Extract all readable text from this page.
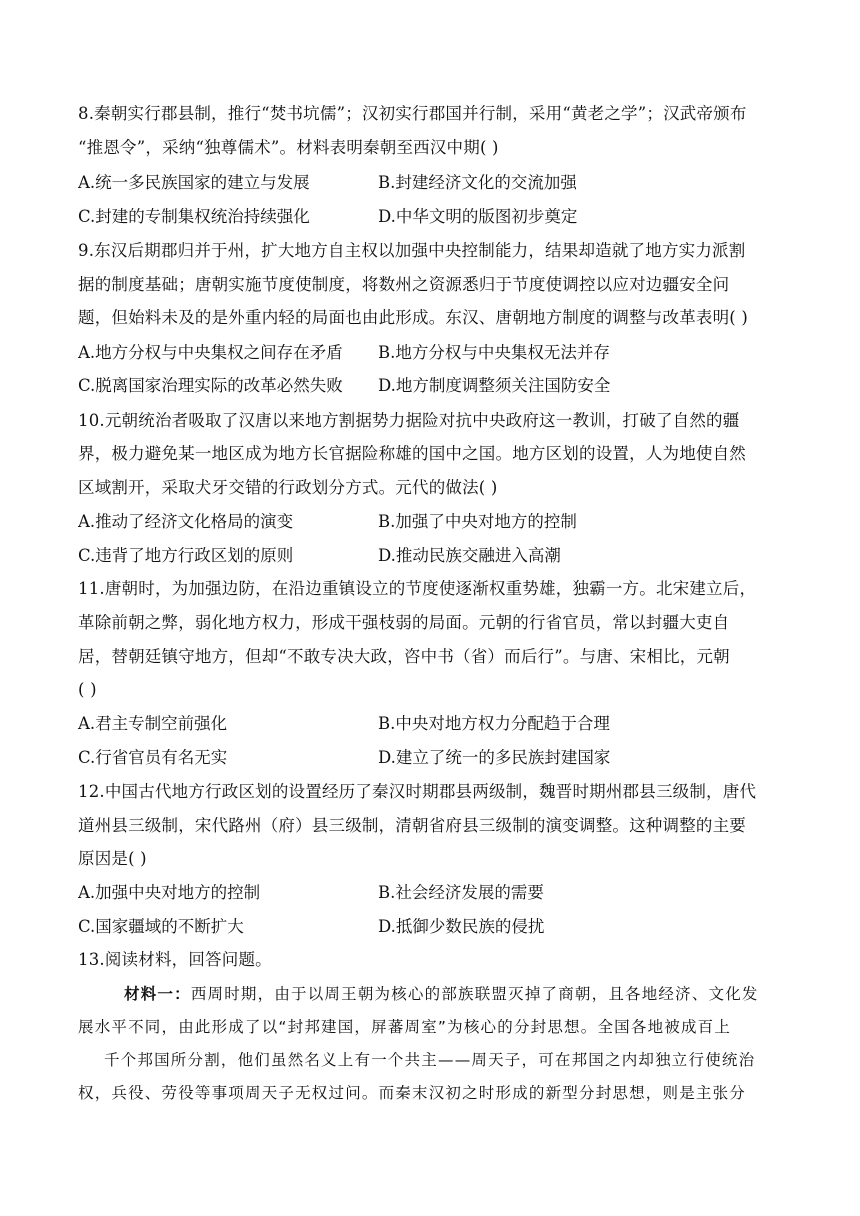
8.秦朝实行郡县制，推行“焚书坑儒”；汉初实行郡国并行制，采用“黄老之学”；汉武帝颁布
“推恩令”，采纳“独尊儒术”。材料表明秦朝至西汉中期( )
A.统一多民族国家的建立与发展	B.封建经济文化的交流加强
C.封建的专制集权统治持续强化	D.中华文明的版图初步奠定
9.东汉后期郡归并于州，扩大地方自主权以加强中央控制能力，结果却造就了地方实力派割
据的制度基础；唐朝实施节度使制度，将数州之资源悉归于节度使调控以应对边疆安全问
题，但始料未及的是外重内轻的局面也由此形成。东汉、唐朝地方制度的调整与改革表明( )
A.地方分权与中央集权之间存在矛盾 B.地方分权与中央集权无法并存
C.脱离国家治理实际的改革必然失败 D.地方制度调整须关注国防安全
10.元朝统治者吸取了汉唐以来地方割据势力据险对抗中央政府这一教训，打破了自然的疆
界，极力避免某一地区成为地方长官据险称雄的国中之国。地方区划的设置，人为地使自然
区域割开，采取犬牙交错的行政划分方式。元代的做法( )
A.推动了经济文化格局的演变	B.加强了中央对地方的控制
C.违背了地方行政区划的原则	D.推动民族交融进入高潮
11.唐朝时，为加强边防，在沿边重镇设立的节度使逐渐权重势雄，独霸一方。北宋建立后，
革除前朝之弊，弱化地方权力，形成干强枝弱的局面。元朝的行省官员，常以封疆大吏自
居，替朝廷镇守地方，但却“不敢专决大政，咨中书（省）而后行”。与唐、宋相比，元朝
( )
A.君主专制空前强化	B.中央对地方权力分配趋于合理
C.行省官员有名无实	D.建立了统一的多民族封建国家
12.中国古代地方行政区划的设置经历了秦汉时期郡县两级制，魏晋时期州郡县三级制，唐代
道州县三级制，宋代路州（府）县三级制，清朝省府县三级制的演变调整。这种调整的主要
原因是( )
A.加强中央对地方的控制	B.社会经济发展的需要
C.国家疆域的不断扩大	D.抵御少数民族的侵扰
13.阅读材料，回答问题。
材料一：西周时期，由于以周王朝为核心的部族联盟灭掉了商朝，且各地经济、文化发
展水平不同，由此形成了以“封邦建国，屏蕃周室”为核心的分封思想。全国各地被成百上
千个邦国所分割，他们虽然名义上有一个共主——周天子，可在邦国之内却独立行使统治
权，兵役、劳役等事项周天子无权过问。而秦末汉初之时形成的新型分封思想，则是主张分
